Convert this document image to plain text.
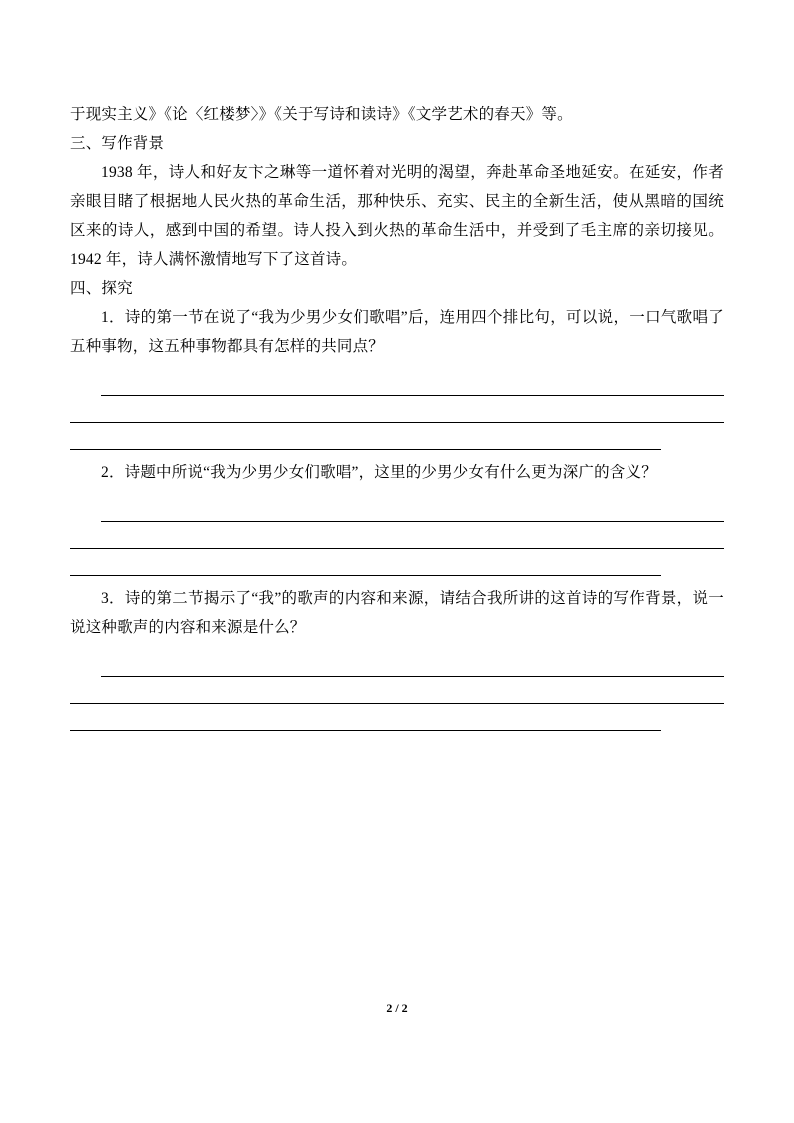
于现实主义》《论〈红楼梦〉》《关于写诗和读诗》《文学艺术的春天》等。

三、写作背景

1938 年，诗人和好友卞之琳等一道怀着对光明的渴望，奔赴革命圣地延安。在延安，作者亲眼目睹了根据地人民火热的革命生活，那种快乐、充实、民主的全新生活，使从黑暗的国统区来的诗人，感到中国的希望。诗人投入到火热的革命生活中，并受到了毛主席的亲切接见。1942 年，诗人满怀激情地写下了这首诗。

四、探究

1．诗的第一节在说了“我为少男少女们歌唱”后，连用四个排比句，可以说，一口气歌唱了五种事物，这五种事物都具有怎样的共同点？

2．诗题中所说“我为少男少女们歌唱”，这里的少男少女有什么更为深广的含义？

3．诗的第二节揭示了“我”的歌声的内容和来源，请结合我所讲的这首诗的写作背景，说一说这种歌声的内容和来源是什么？

2 / 2
